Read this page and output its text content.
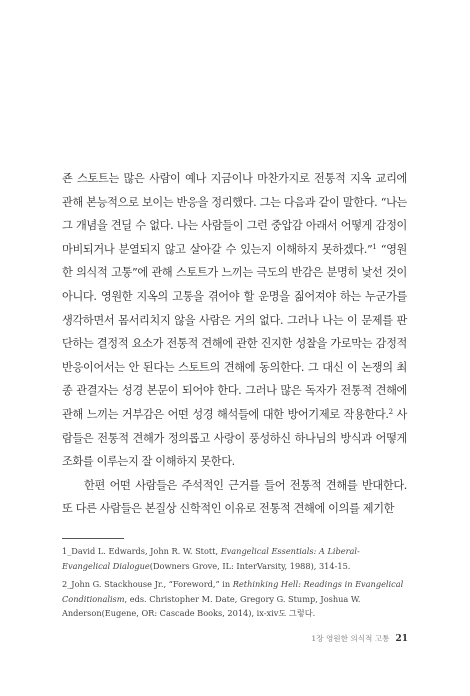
죤 스토트는 많은 사람이 예나 지금이나 마찬가지로 전통적 지옥 교리에 관해 본능적으로 보이는 반응을 정리했다. 그는 다음과 같이 말한다. “나는 그 개념을 견딜 수 없다. 나는 사람들이 그런 중압감 아래서 어떻게 감정이 마비되거나 분열되지 않고 살아갈 수 있는지 이해하지 못하겠다.”$^1$ “영원한 의식적 고통”에 관해 스토트가 느끼는 극도의 반감은 분명히 낯선 것이 아니다. 영원한 지옥의 고통을 겪어야 할 운명을 짊어져야 하는 누군가를 생각하면서 몸서리치지 않을 사람은 거의 없다. 그러나 나는 이 문제를 판단하는 결정적 요소가 전통적 견해에 관한 진지한 성찰을 가로막는 감정적 반응이어서는 안 된다는 스토트의 견해에 동의한다. 그 대신 이 논쟁의 최종 관결자는 성경 본문이 되어야 한다. 그러나 많은 독자가 전통적 견해에 관해 느끼는 거부감은 어떤 성경 해석들에 대한 방어기제로 작용한다.$^2$ 사람들은 전통적 견해가 정의롭고 사랑이 풍성하신 하나님의 방식과 어떻게 조화를 이루는지 잘 이해하지 못한다.

한편 어떤 사람들은 주석적인 근거를 들어 전통적 견해를 반대한다. 또 다른 사람들은 본질상 신학적인 이유로 전통적 견해에 이의를 제기한

1_David L. Edwards, John R. W. Stott, Evangelical Essentials: A Liberal-Evangelical Dialogue(Downers Grove, IL: InterVarsity, 1988), 314-15.

2_John G. Stackhouse Jr., “Foreword,” in Rethinking Hell: Readings in Evangelical Conditionalism, eds. Christopher M. Date, Gregory G. Stump, Joshua W. Anderson(Eugene, OR: Cascade Books, 2014), ix-xiv도 그렇다.

1장 영원한 의식적 고통 21
